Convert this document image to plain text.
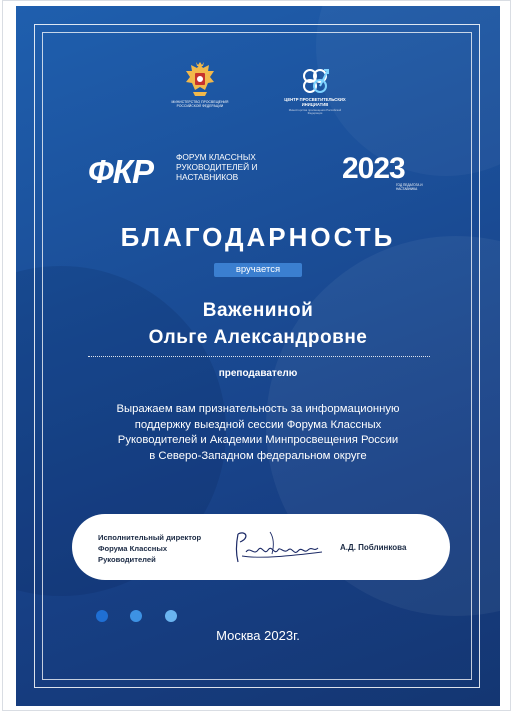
МИНИСТЕРСТВО ПРОСВЕЩЕНИЯ РОССИЙСКОЙ ФЕДЕРАЦИИ
ЦЕНТР ПРОСВЕТИТЕЛЬСКИХ ИНИЦИАТИВ
Министерства просвещения Российской Федерации
ФКР	ФОРУМ КЛАССНЫХ РУКОВОДИТЕЛЕЙ И НАСТАВНИКОВ	2023
ГОД ПЕДАГОГА И НАСТАВНИКА
БЛАГОДАРНОСТЬ
вручается
Важениной
Ольге Александровне
преподавателю
Выражаем вам признательность за информационную
поддержку выездной сессии Форума Классных
Руководителей и Академии Минпросвещения России
в Северо-Западном федеральном округе
Исполнительный директор
Форума Классных
Руководителей
А.Д. Поблинкова

Москва 2023г.
